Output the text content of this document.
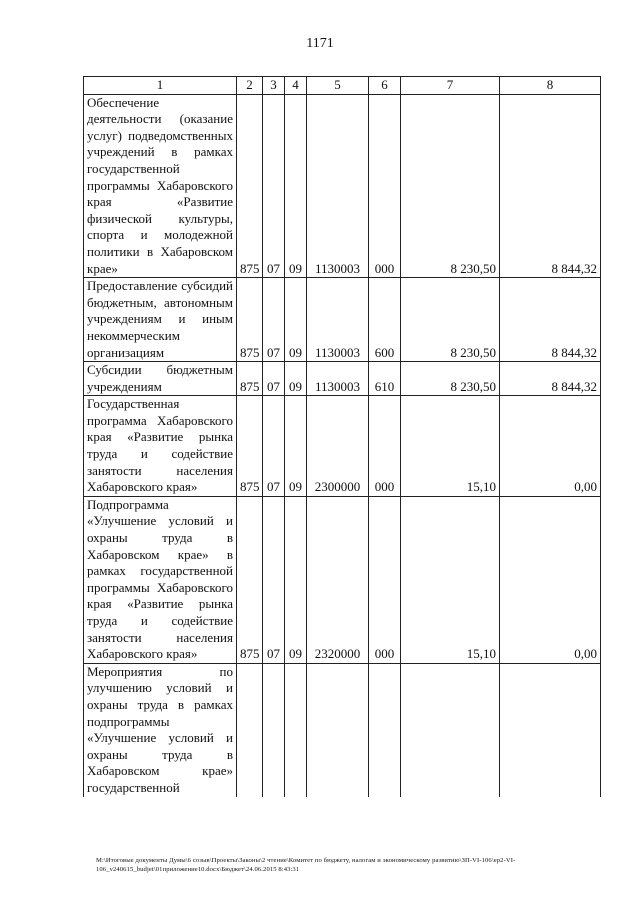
1171
1	2	3	4	5	6	7	8
Обеспечение деятельности (оказание услуг) подведомственных учреждений в рамках государственной программы Хабаровского края «Развитие физической культуры, спорта и молодежной политики в Хабаровском крае»	875	07	09	1130003	000	8 230,50	8 844,32
Предоставление субсидий бюджетным, автономным учреждениям и иным некоммерческим организациям	875	07	09	1130003	600	8 230,50	8 844,32
Субсидии бюджетным учреждениям	875	07	09	1130003	610	8 230,50	8 844,32
Государственная программа Хабаровского края «Развитие рынка труда и содействие занятости населения Хабаровского края»	875	07	09	2300000	000	15,10	0,00
Подпрограмма «Улучшение условий и охраны труда в Хабаровском крае» в рамках государственной программы Хабаровского края «Развитие рынка труда и содействие занятости населения Хабаровского края»	875	07	09	2320000	000	15,10	0,00
Мероприятия по улучшению условий и охраны труда в рамках подпрограммы «Улучшение условий и охраны труда в Хабаровском крае» государственной							
M:\Итоговые документы Думы\6 созыв\Проекты\Законы\2 чтение\Комитет по бюджету, налогам и экономическому развитию\ЗП-VI-106\ер2-VI-
106_v240615_budjet\01приложение10.docx\Бюджет\24.06.2015 8:43:31
